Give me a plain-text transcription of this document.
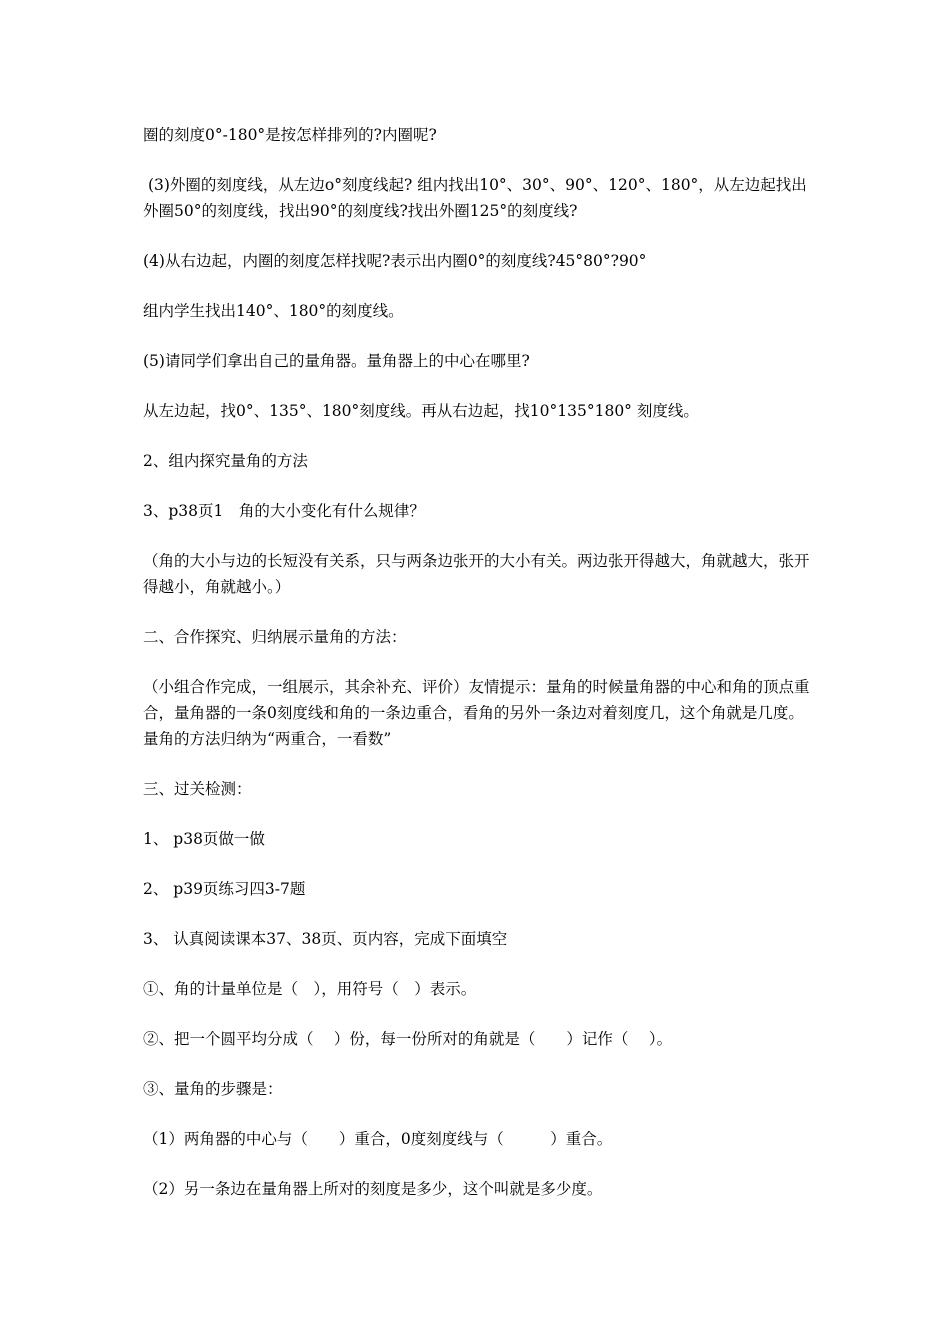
圈的刻度0°-180°是按怎样排列的?内圈呢?

(3)外圈的刻度线，从左边o°刻度线起? 组内找出10°、30°、90°、120°、180°，从左边起找出外圈50°的刻度线，找出90°的刻度线?找出外圈125°的刻度线?

(4)从右边起，内圈的刻度怎样找呢?表示出内圈0°的刻度线?45°80°?90°

组内学生找出140°、180°的刻度线。

(5)请同学们拿出自己的量角器。量角器上的中心在哪里?

从左边起，找0°、135°、180°刻度线。再从右边起，找10°135°180° 刻度线。

2、组内探究量角的方法

3、p38页1　角的大小变化有什么规律？

（角的大小与边的长短没有关系，只与两条边张开的大小有关。两边张开得越大，角就越大，张开得越小，角就越小。）

二、合作探究、归纳展示量角的方法：

（小组合作完成，一组展示，其余补充、评价）友情提示：量角的时候量角器的中心和角的顶点重合，量角器的一条0刻度线和角的一条边重合，看角的另外一条边对着刻度几，这个角就是几度。量角的方法归纳为“两重合，一看数”

三、过关检测：

1、 p38页做一做

2、 p39页练习四3-7题

3、 认真阅读课本37、38页、页内容，完成下面填空

①、角的计量单位是（　），用符号（　）表示。

②、把一个圆平均分成（　 ）份，每一份所对的角就是（　　）记作（　 ）。

③、量角的步骤是：

（1）两角器的中心与（　　）重合，0度刻度线与（　　　）重合。

（2）另一条边在量角器上所对的刻度是多少，这个叫就是多少度。
